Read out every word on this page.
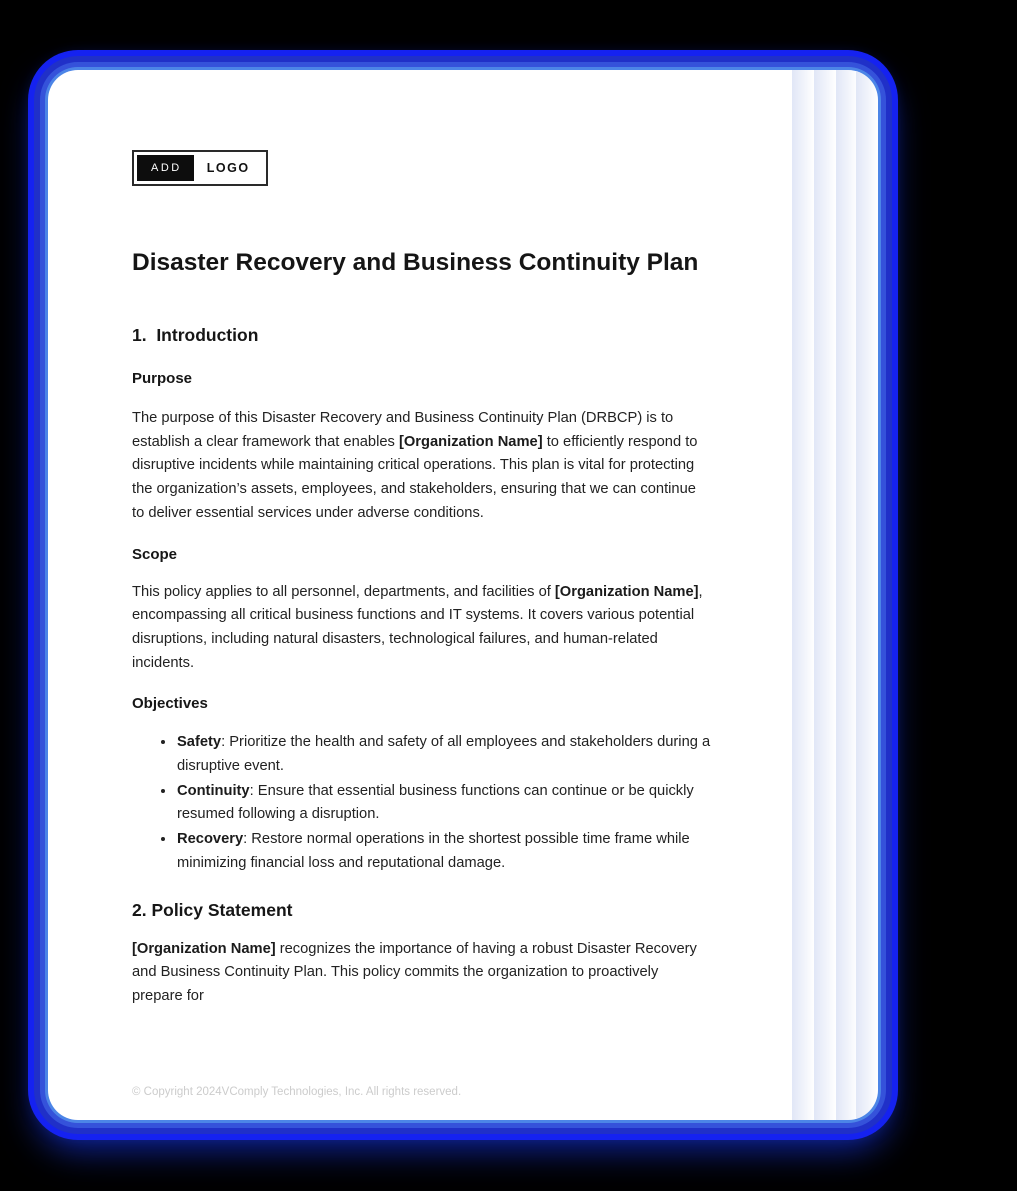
ADD	LOGO
Disaster Recovery and Business Continuity Plan
1.  Introduction
Purpose

The purpose of this Disaster Recovery and Business Continuity Plan (DRBCP) is to establish a clear framework that enables [Organization Name] to efficiently respond to disruptive incidents while maintaining critical operations. This plan is vital for protecting the organization’s assets, employees, and stakeholders, ensuring that we can continue to deliver essential services under adverse conditions.

Scope

This policy applies to all personnel, departments, and facilities of [Organization Name], encompassing all critical business functions and IT systems. It covers various potential disruptions, including natural disasters, technological failures, and human-related incidents.

Objectives
• Safety: Prioritize the health and safety of all employees and stakeholders during a disruptive event.
• Continuity: Ensure that essential business functions can continue or be quickly resumed following a disruption.
• Recovery: Restore normal operations in the shortest possible time frame while minimizing financial loss and reputational damage.
2. Policy Statement

[Organization Name] recognizes the importance of having a robust Disaster Recovery and Business Continuity Plan. This policy commits the organization to proactively prepare for

© Copyright 2024VComply Technologies, Inc. All rights reserved.
